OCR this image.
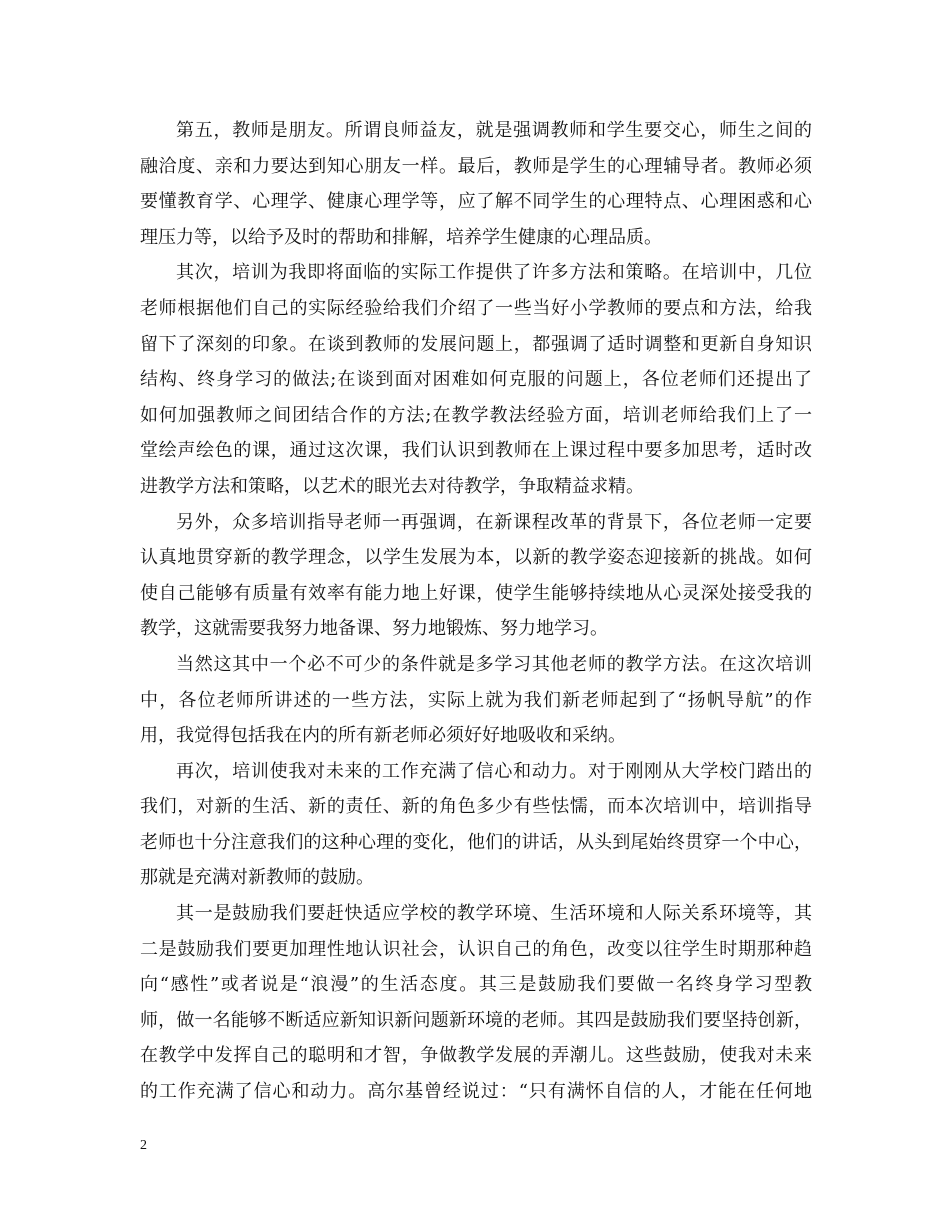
第五，教师是朋友。所谓良师益友，就是强调教师和学生要交心，师生之间的
融洽度、亲和力要达到知心朋友一样。最后，教师是学生的心理辅导者。教师必须
要懂教育学、心理学、健康心理学等，应了解不同学生的心理特点、心理困惑和心
理压力等，以给予及时的帮助和排解，培养学生健康的心理品质。
其次，培训为我即将面临的实际工作提供了许多方法和策略。在培训中，几位
老师根据他们自己的实际经验给我们介绍了一些当好小学教师的要点和方法，给我
留下了深刻的印象。在谈到教师的发展问题上，都强调了适时调整和更新自身知识
结构、终身学习的做法;在谈到面对困难如何克服的问题上，各位老师们还提出了
如何加强教师之间团结合作的方法;在教学教法经验方面，培训老师给我们上了一
堂绘声绘色的课，通过这次课，我们认识到教师在上课过程中要多加思考，适时改
进教学方法和策略，以艺术的眼光去对待教学，争取精益求精。
另外，众多培训指导老师一再强调，在新课程改革的背景下，各位老师一定要
认真地贯穿新的教学理念，以学生发展为本，以新的教学姿态迎接新的挑战。如何
使自己能够有质量有效率有能力地上好课，使学生能够持续地从心灵深处接受我的
教学，这就需要我努力地备课、努力地锻炼、努力地学习。
当然这其中一个必不可少的条件就是多学习其他老师的教学方法。在这次培训
中，各位老师所讲述的一些方法，实际上就为我们新老师起到了“扬帆导航”的作
用，我觉得包括我在内的所有新老师必须好好地吸收和采纳。
再次，培训使我对未来的工作充满了信心和动力。对于刚刚从大学校门踏出的
我们，对新的生活、新的责任、新的角色多少有些怯懦，而本次培训中，培训指导
老师也十分注意我们的这种心理的变化，他们的讲话，从头到尾始终贯穿一个中心，
那就是充满对新教师的鼓励。
其一是鼓励我们要赶快适应学校的教学环境、生活环境和人际关系环境等，其
二是鼓励我们要更加理性地认识社会，认识自己的角色，改变以往学生时期那种趋
向“感性”或者说是“浪漫”的生活态度。其三是鼓励我们要做一名终身学习型教
师，做一名能够不断适应新知识新问题新环境的老师。其四是鼓励我们要坚持创新，
在教学中发挥自己的聪明和才智，争做教学发展的弄潮儿。这些鼓励，使我对未来
的工作充满了信心和动力。高尔基曾经说过：“只有满怀自信的人，才能在任何地
2
